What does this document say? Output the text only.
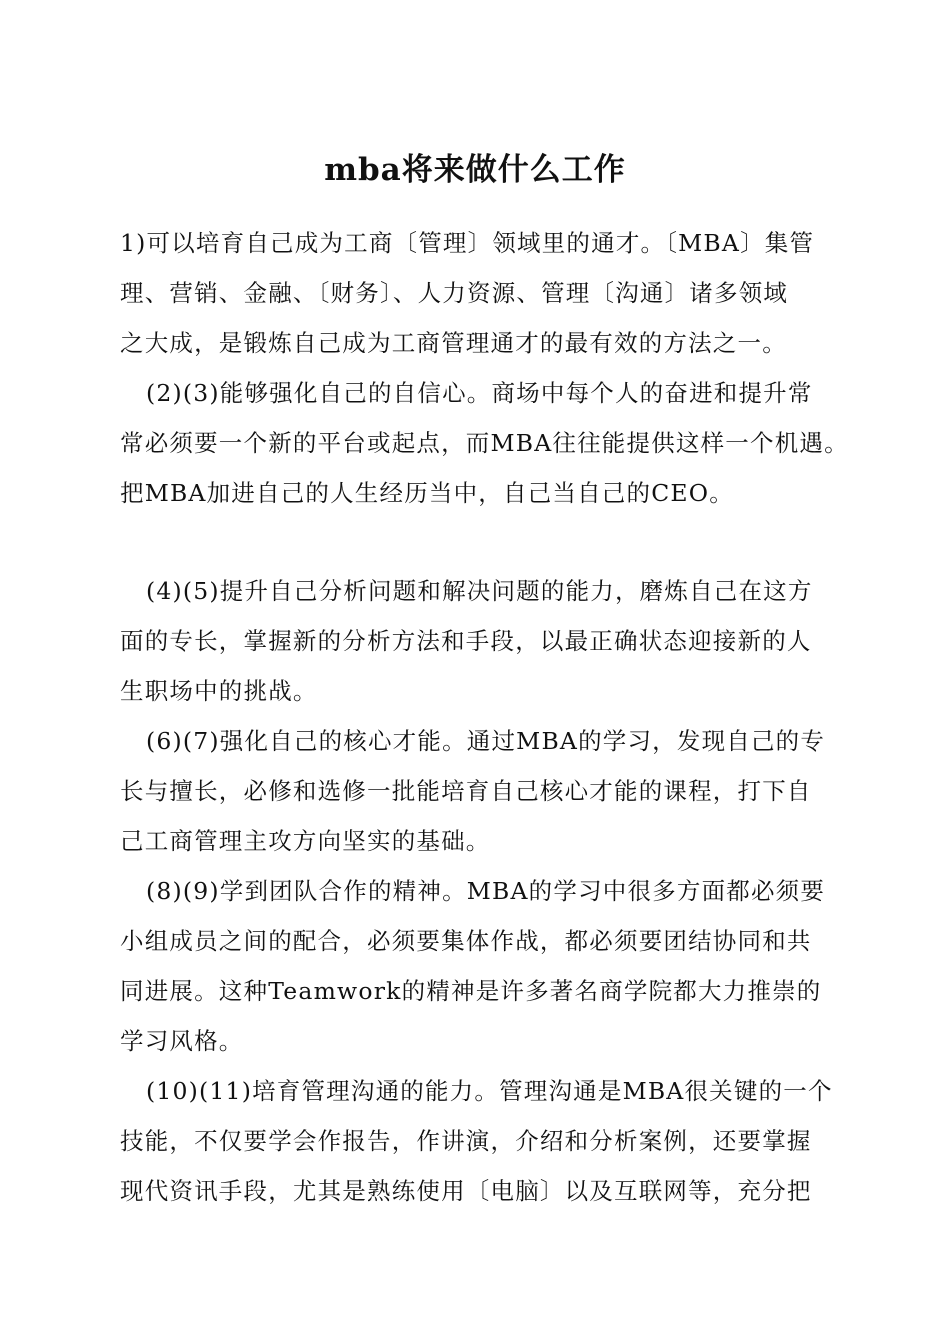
mba将来做什么工作
1)可以培育自己成为工商〔管理〕领域里的通才。〔MBA〕集管
理、营销、金融、〔财务〕、人力资源、管理〔沟通〕诸多领域
之大成，是锻炼自己成为工商管理通才的最有效的方法之一。
(2)(3)能够强化自己的自信心。商场中每个人的奋进和提升常
常必须要一个新的平台或起点，而MBA往往能提供这样一个机遇。
把MBA加进自己的人生经历当中，自己当自己的CEO。
(4)(5)提升自己分析问题和解决问题的能力，磨炼自己在这方
面的专长，掌握新的分析方法和手段，以最正确状态迎接新的人
生职场中的挑战。
(6)(7)强化自己的核心才能。通过MBA的学习，发现自己的专
长与擅长，必修和选修一批能培育自己核心才能的课程，打下自
己工商管理主攻方向坚实的基础。
(8)(9)学到团队合作的精神。MBA的学习中很多方面都必须要
小组成员之间的配合，必须要集体作战，都必须要团结协同和共
同进展。这种Teamwork的精神是许多著名商学院都大力推崇的
学习风格。
(10)(11)培育管理沟通的能力。管理沟通是MBA很关键的一个
技能，不仅要学会作报告，作讲演，介绍和分析案例，还要掌握
现代资讯手段，尤其是熟练使用〔电脑〕以及互联网等，充分把
